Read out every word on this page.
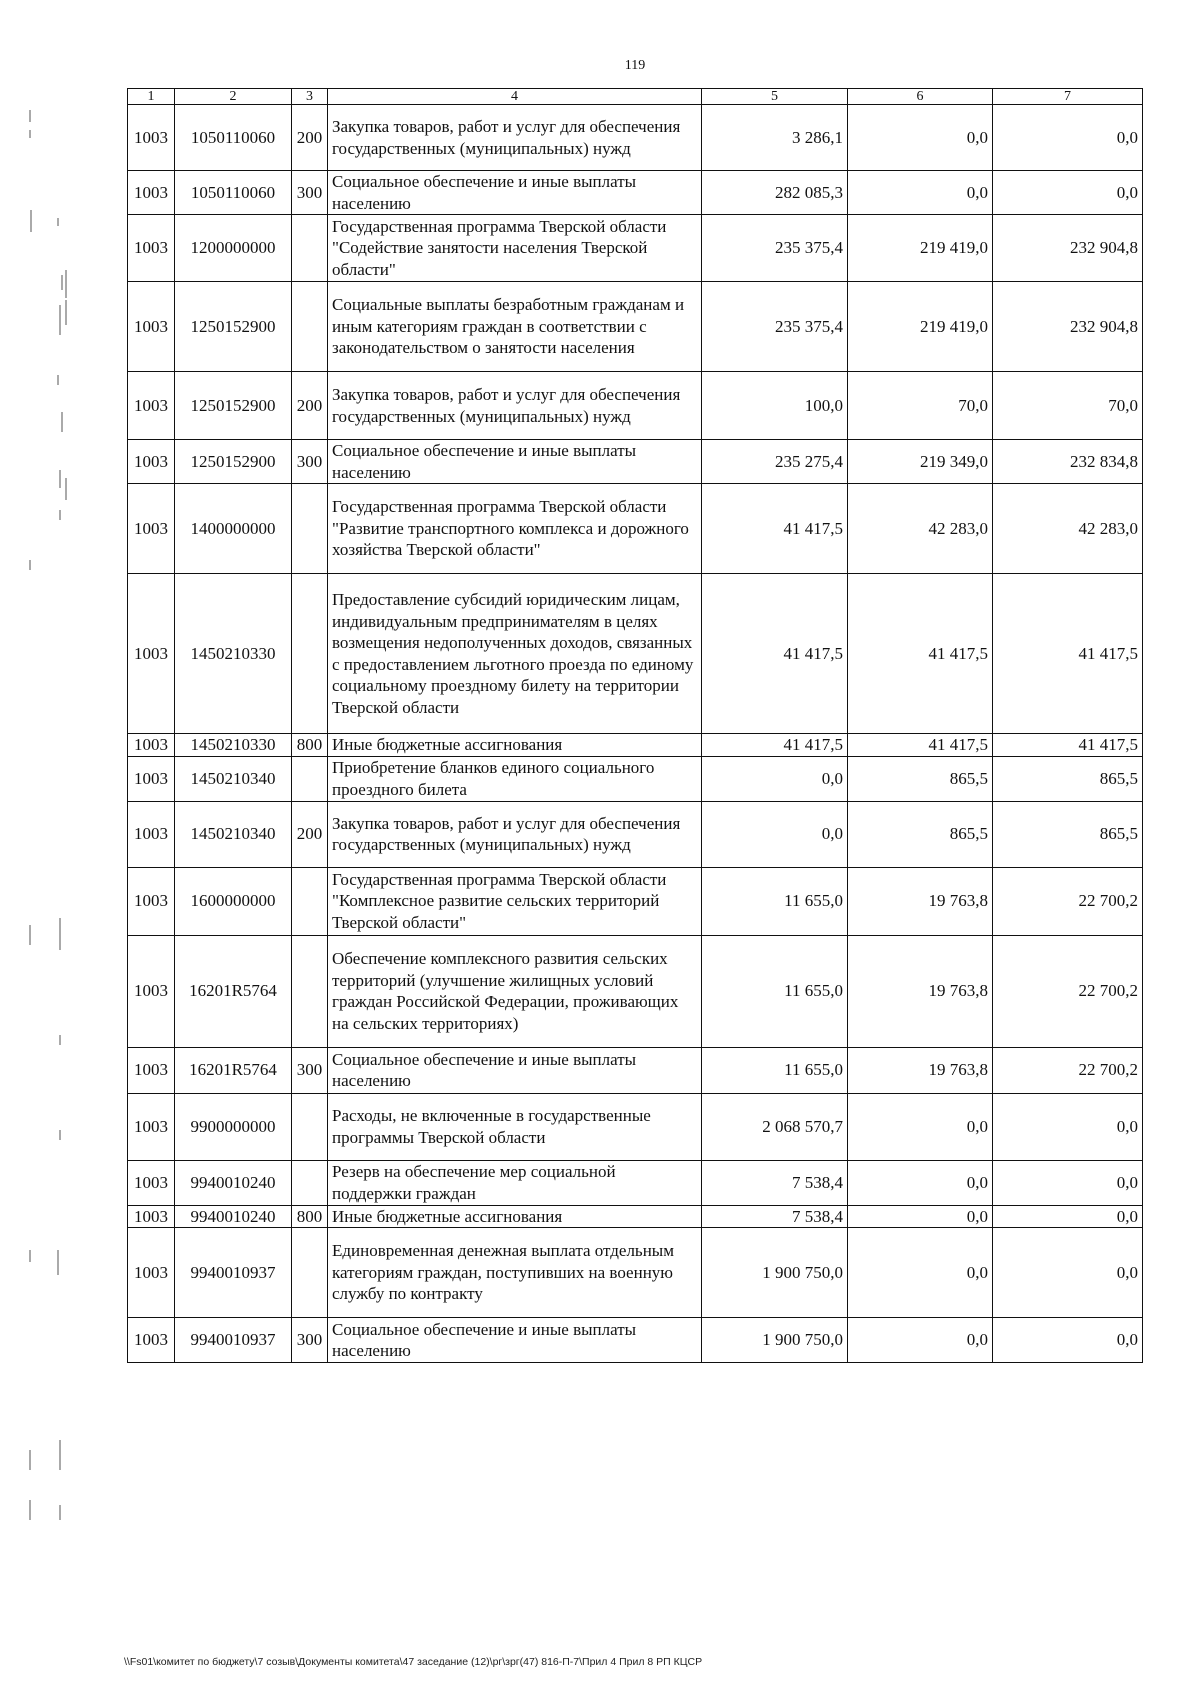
119
1	2	3	4	5	6	7
1003	1050110060	200	Закупка товаров, работ и услуг для обеспечения государственных (муниципальных) нужд	3 286,1	0,0	0,0
1003	1050110060	300	Социальное обеспечение и иные выплаты населению	282 085,3	0,0	0,0
1003	1200000000		Государственная программа Тверской области "Содействие занятости населения Тверской области"	235 375,4	219 419,0	232 904,8
1003	1250152900		Социальные выплаты безработным гражданам и иным категориям граждан в соответствии с законодательством о занятости населения	235 375,4	219 419,0	232 904,8
1003	1250152900	200	Закупка товаров, работ и услуг для обеспечения государственных (муниципальных) нужд	100,0	70,0	70,0
1003	1250152900	300	Социальное обеспечение и иные выплаты населению	235 275,4	219 349,0	232 834,8
1003	1400000000		Государственная программа Тверской области "Развитие транспортного комплекса и дорожного хозяйства Тверской области"	41 417,5	42 283,0	42 283,0
1003	1450210330		Предоставление субсидий юридическим лицам, индивидуальным предпринимателям в целях возмещения недополученных доходов, связанных с предоставлением льготного проезда по единому социальному проездному билету на территории Тверской области	41 417,5	41 417,5	41 417,5
1003	1450210330	800	Иные бюджетные ассигнования	41 417,5	41 417,5	41 417,5
1003	1450210340		Приобретение бланков единого социального проездного билета	0,0	865,5	865,5
1003	1450210340	200	Закупка товаров, работ и услуг для обеспечения государственных (муниципальных) нужд	0,0	865,5	865,5
1003	1600000000		Государственная программа Тверской области "Комплексное развитие сельских территорий Тверской области"	11 655,0	19 763,8	22 700,2
1003	16201R5764		Обеспечение комплексного развития сельских территорий (улучшение жилищных условий граждан Российской Федерации, проживающих на сельских территориях)	11 655,0	19 763,8	22 700,2
1003	16201R5764	300	Социальное обеспечение и иные выплаты населению	11 655,0	19 763,8	22 700,2
1003	9900000000		Расходы, не включенные в государственные программы Тверской области	2 068 570,7	0,0	0,0
1003	9940010240		Резерв на обеспечение мер социальной поддержки граждан	7 538,4	0,0	0,0
1003	9940010240	800	Иные бюджетные ассигнования	7 538,4	0,0	0,0
1003	9940010937		Единовременная денежная выплата отдельным категориям граждан, поступивших на военную службу по контракту	1 900 750,0	0,0	0,0
1003	9940010937	300	Социальное обеспечение и иные выплаты населению	1 900 750,0	0,0	0,0
\\Fs01\комитет по бюджету\7 созыв\Документы комитета\47 заседание (12)\рг\зрг(47) 816-П-7\Прил 4 Прил 8 РП КЦСР
